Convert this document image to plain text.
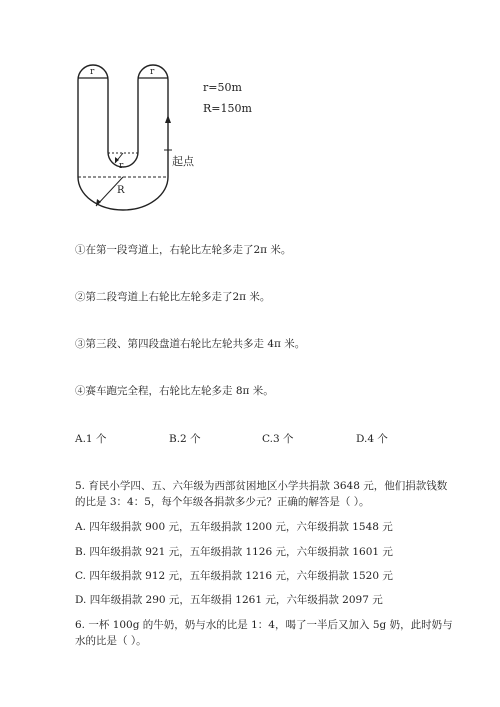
r	r
r
R
起点
r=50m
R=150m
①在第一段弯道上，右轮比左轮多走了2π 米。
②第二段弯道上右轮比左轮多走了2π 米。
③第三段、第四段盘道右轮比左轮共多走 4π 米。
④赛车跑完全程，右轮比左轮多走 8π 米。
A.1 个	B.2 个	C.3 个	D.4 个
5. 育民小学四、五、六年级为西部贫困地区小学共捐款 3648 元，他们捐款钱数
的比是 3：4：5，每个年级各捐款多少元？正确的解答是（ ）。
A. 四年级捐款 900 元，五年级捐款 1200 元，六年级捐款 1548 元
B. 四年级捐款 921 元，五年级捐款 1126 元，六年级捐款 1601 元
C. 四年级捐款 912 元，五年级捐款 1216 元，六年级捐款 1520 元
D. 四年级捐款 290 元，五年级捐 1261 元，六年级捐款 2097 元
6. 一杯 100g 的牛奶，奶与水的比是 1：4，喝了一半后又加入 5g 奶，此时奶与
水的比是（ ）。
